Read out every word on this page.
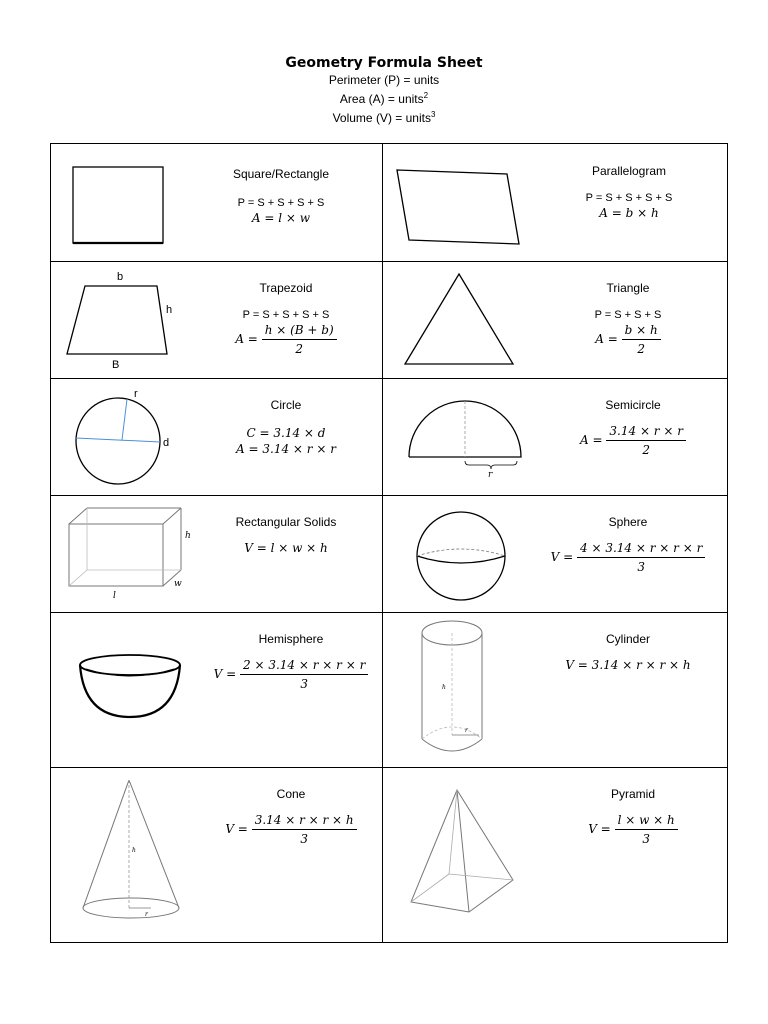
Geometry Formula Sheet
Perimeter (P) = units
Area (A) = units$^2$
Volume (V) = units$^3$
Square/Rectangle
P = S + S + S + S
A = l × w
Parallelogram
P = S + S + S + S
A = b × h
b
h
B
Trapezoid
P = S + S + S + S
$A = \frac{h \times (B + b)}{2}$
Triangle
P = S + S + S
$A = \frac{b \times h}{2}$
r
d
Circle
C = 3.14 × d
A = 3.14 × r × r
r
Semicircle
$A = \frac{3.14 \times r \times r}{2}$
h
w
l
Rectangular Solids
V = l × w × h
Sphere
$V = \frac{4 \times 3.14 \times r \times r \times r}{3}$
Hemisphere
$V = \frac{2 \times 3.14 \times r \times r \times r}{3}$	h
r
Cylinder
V = 3.14 × r × r × h
h
r
Cone
$V = \frac{3.14 \times r \times r \times h}{3}$
Pyramid
$V = \frac{l \times w \times h}{3}$
